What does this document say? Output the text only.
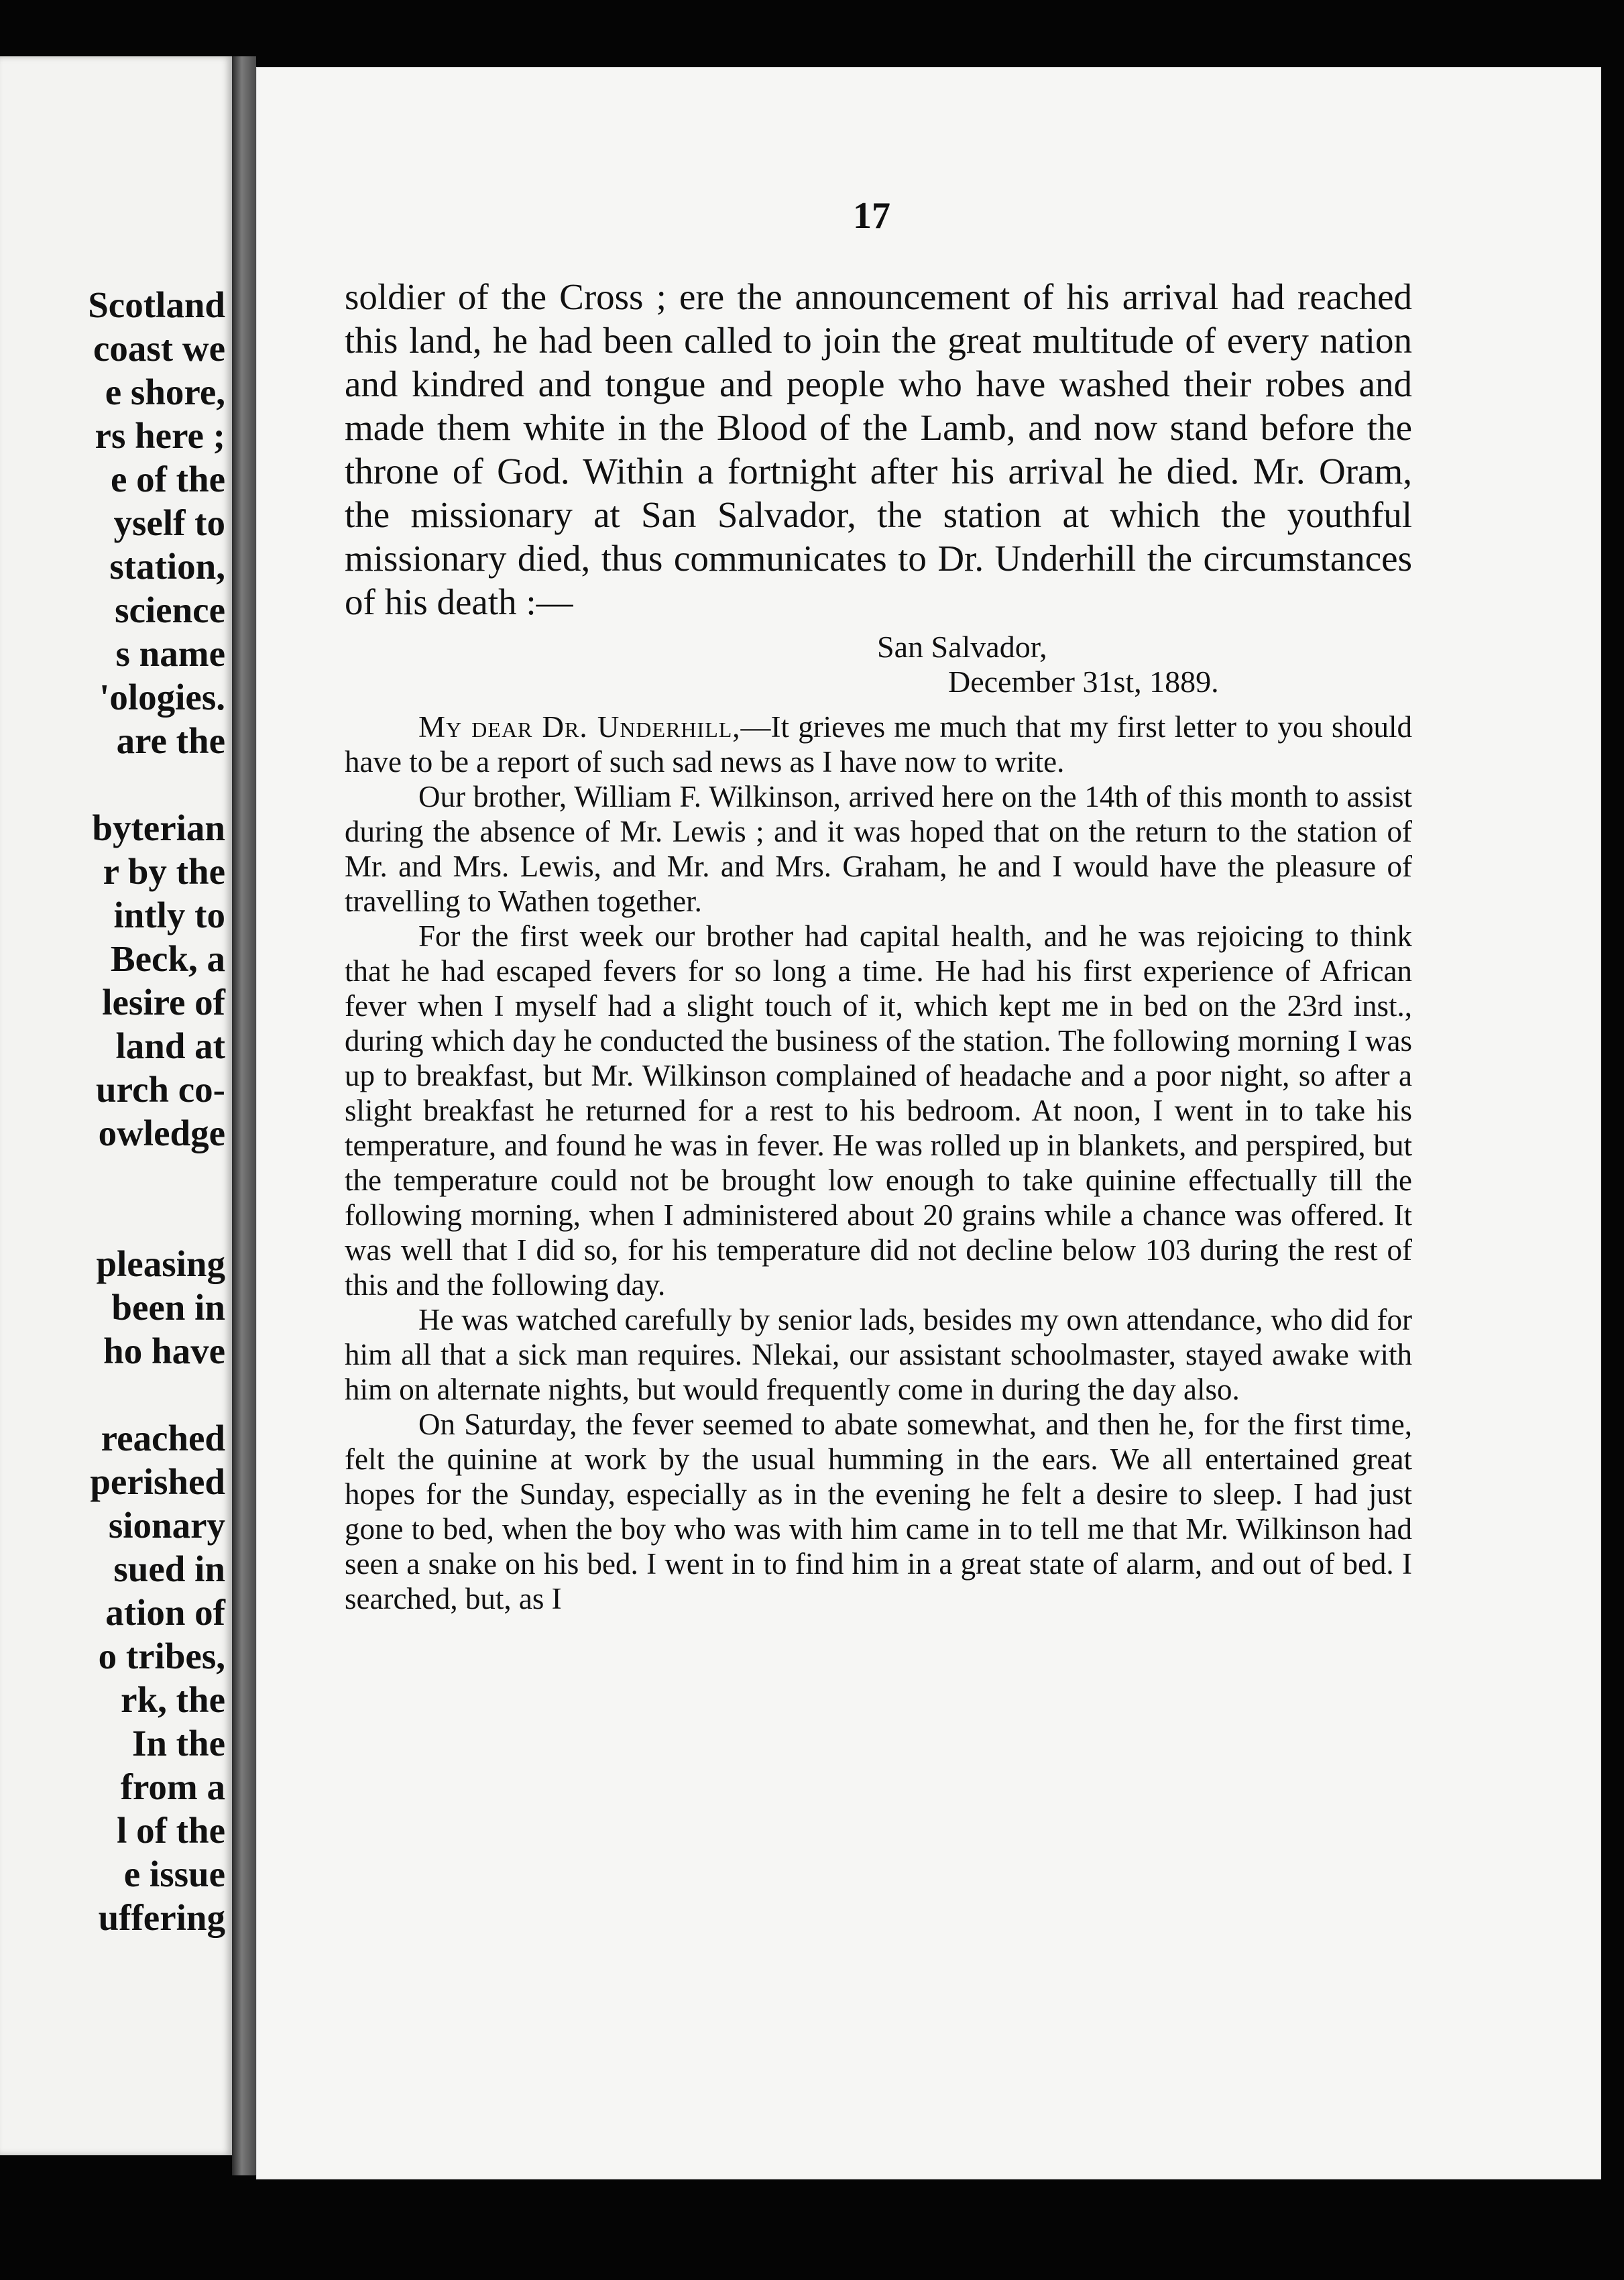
Scotland
coast we
e shore,
rs here ;
e of the
yself to
station,
science
s name
'ologies.
are the
byterian
r by the
intly to
Beck, a
lesire of
land at
urch co-
owledge
pleasing
been in
ho have
reached
perished
sionary
sued in
ation of
o tribes,
rk, the
In the
from a
l of the
e issue
uffering
17

soldier of the Cross ; ere the announcement of his arrival had reached this land, he had been called to join the great multitude of every nation and kindred and tongue and people who have washed their robes and made them white in the Blood of the Lamb, and now stand before the throne of God. Within a fortnight after his arrival he died. Mr. Oram, the missionary at San Salvador, the station at which the youthful missionary died, thus communicates to Dr. Underhill the circumstances of his death :—

San Salvador,
December 31st, 1889.

My dear Dr. Underhill,—It grieves me much that my first letter to you should have to be a report of such sad news as I have now to write.

Our brother, William F. Wilkinson, arrived here on the 14th of this month to assist during the absence of Mr. Lewis ; and it was hoped that on the return to the station of Mr. and Mrs. Lewis, and Mr. and Mrs. Graham, he and I would have the pleasure of travelling to Wathen together.

For the first week our brother had capital health, and he was rejoicing to think that he had escaped fevers for so long a time. He had his first experience of African fever when I myself had a slight touch of it, which kept me in bed on the 23rd inst., during which day he conducted the business of the station. The following morning I was up to breakfast, but Mr. Wilkinson complained of headache and a poor night, so after a slight breakfast he returned for a rest to his bedroom. At noon, I went in to take his temperature, and found he was in fever. He was rolled up in blankets, and perspired, but the temperature could not be brought low enough to take quinine effectually till the following morning, when I administered about 20 grains while a chance was offered. It was well that I did so, for his temperature did not decline below 103 during the rest of this and the following day.

He was watched carefully by senior lads, besides my own attendance, who did for him all that a sick man requires. Nlekai, our assistant schoolmaster, stayed awake with him on alternate nights, but would frequently come in during the day also.

On Saturday, the fever seemed to abate somewhat, and then he, for the first time, felt the quinine at work by the usual humming in the ears. We all entertained great hopes for the Sunday, especially as in the evening he felt a desire to sleep. I had just gone to bed, when the boy who was with him came in to tell me that Mr. Wilkinson had seen a snake on his bed. I went in to find him in a great state of alarm, and out of bed. I searched, but, as I
